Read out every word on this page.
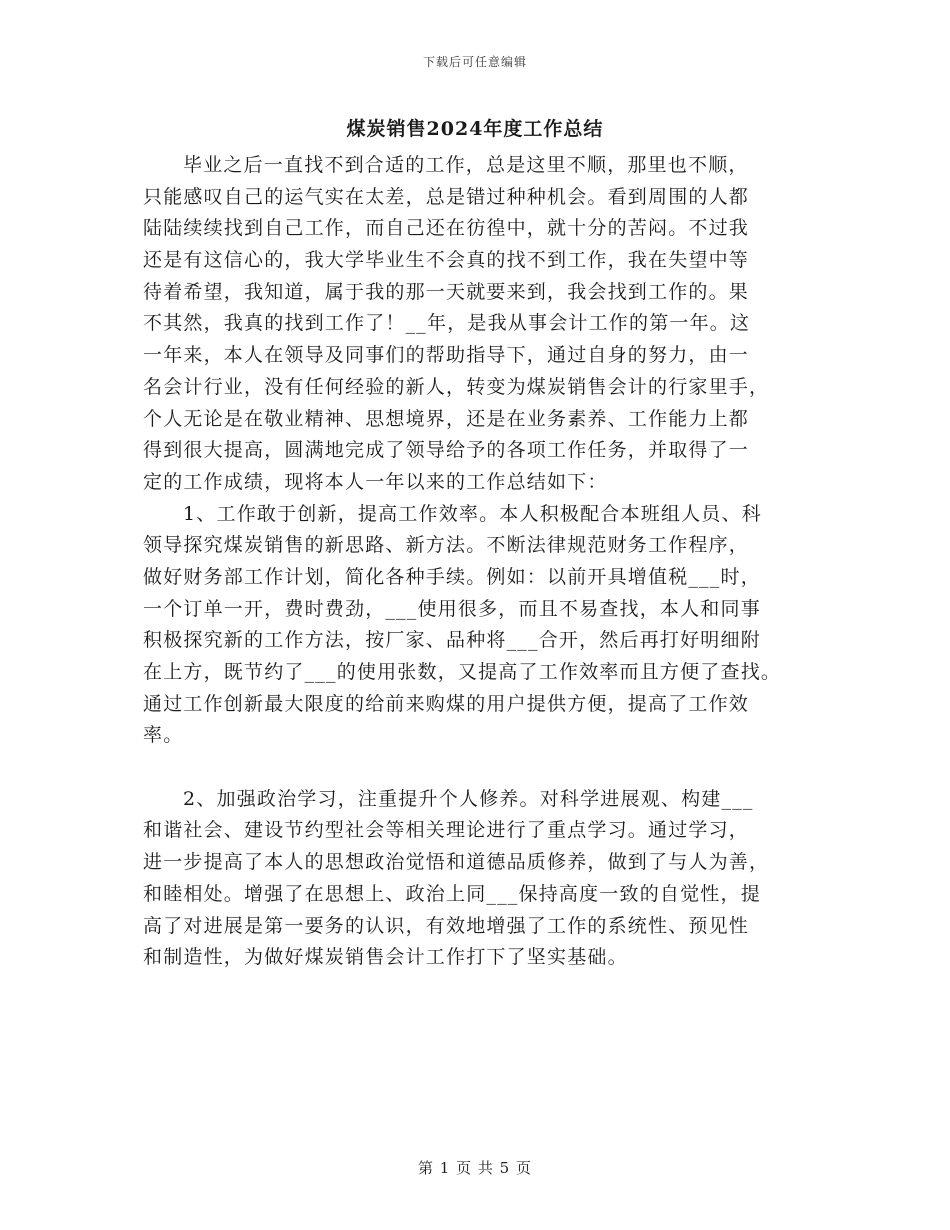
下载后可任意编辑
煤炭销售2024年度工作总结
毕业之后一直找不到合适的工作，总是这里不顺，那里也不顺，
只能感叹自己的运气实在太差，总是错过种种机会。看到周围的人都
陆陆续续找到自己工作，而自己还在彷徨中，就十分的苦闷。不过我
还是有这信心的，我大学毕业生不会真的找不到工作，我在失望中等
待着希望，我知道，属于我的那一天就要来到，我会找到工作的。果
不其然，我真的找到工作了！__年，是我从事会计工作的第一年。这
一年来，本人在领导及同事们的帮助指导下，通过自身的努力，由一
名会计行业，没有任何经验的新人，转变为煤炭销售会计的行家里手，
个人无论是在敬业精神、思想境界，还是在业务素养、工作能力上都
得到很大提高，圆满地完成了领导给予的各项工作任务，并取得了一
定的工作成绩，现将本人一年以来的工作总结如下：
1、工作敢于创新，提高工作效率。本人积极配合本班组人员、科
领导探究煤炭销售的新思路、新方法。不断法律规范财务工作程序，
做好财务部工作计划，简化各种手续。例如：以前开具增值税___时，
一个订单一开，费时费劲，___使用很多，而且不易查找，本人和同事
积极探究新的工作方法，按厂家、品种将___合开，然后再打好明细附
在上方，既节约了___的使用张数，又提高了工作效率而且方便了查找。
通过工作创新最大限度的给前来购煤的用户提供方便，提高了工作效
率。
2、加强政治学习，注重提升个人修养。对科学进展观、构建___
和谐社会、建设节约型社会等相关理论进行了重点学习。通过学习，
进一步提高了本人的思想政治觉悟和道德品质修养，做到了与人为善，
和睦相处。增强了在思想上、政治上同___保持高度一致的自觉性，提
高了对进展是第一要务的认识，有效地增强了工作的系统性、预见性
和制造性，为做好煤炭销售会计工作打下了坚实基础。
第 1 页 共 5 页
